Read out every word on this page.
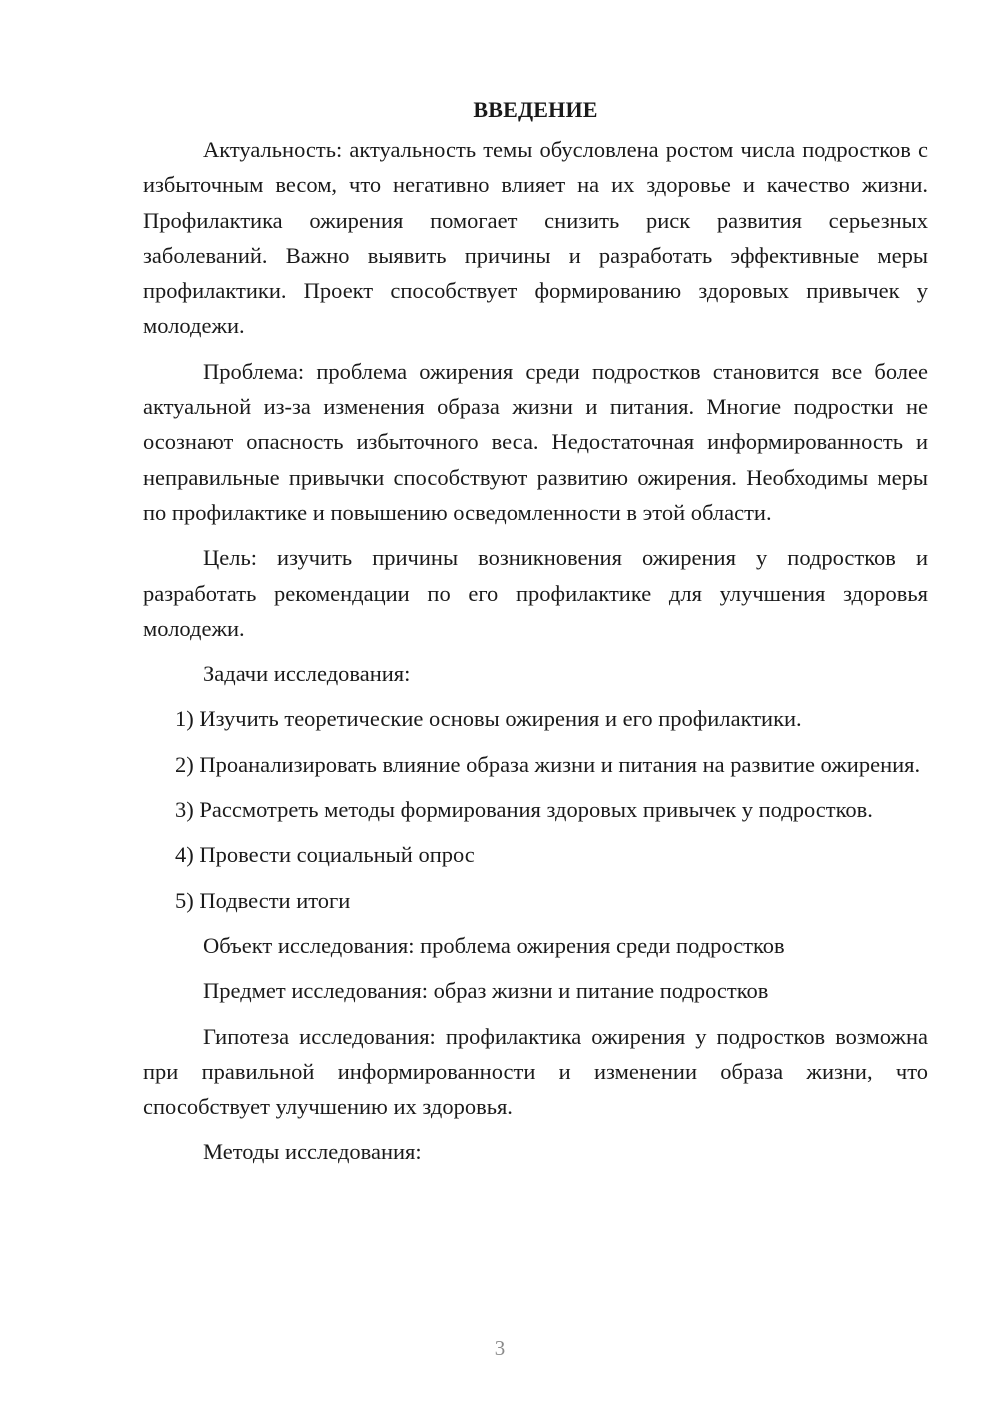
ВВЕДЕНИЕ

Актуальность: актуальность темы обусловлена ростом числа подростков с избыточным весом, что негативно влияет на их здоровье и качество жизни. Профилактика ожирения помогает снизить риск развития серьезных заболеваний. Важно выявить причины и разработать эффективные меры профилактики. Проект способствует формированию здоровых привычек у молодежи.

Проблема: проблема ожирения среди подростков становится все более актуальной из-за изменения образа жизни и питания. Многие подростки не осознают опасность избыточного веса. Недостаточная информированность и неправильные привычки способствуют развитию ожирения. Необходимы меры по профилактике и повышению осведомленности в этой области.

Цель: изучить причины возникновения ожирения у подростков и разработать рекомендации по его профилактике для улучшения здоровья молодежи.

Задачи исследования:

1) Изучить теоретические основы ожирения и его профилактики.

2) Проанализировать влияние образа жизни и питания на развитие ожирения.

3) Рассмотреть методы формирования здоровых привычек у подростков.

4) Провести социальный опрос

5) Подвести итоги

Объект исследования: проблема ожирения среди подростков

Предмет исследования: образ жизни и питание подростков

Гипотеза исследования: профилактика ожирения у подростков возможна при правильной информированности и изменении образа жизни, что способствует улучшению их здоровья.

Методы исследования:

3
